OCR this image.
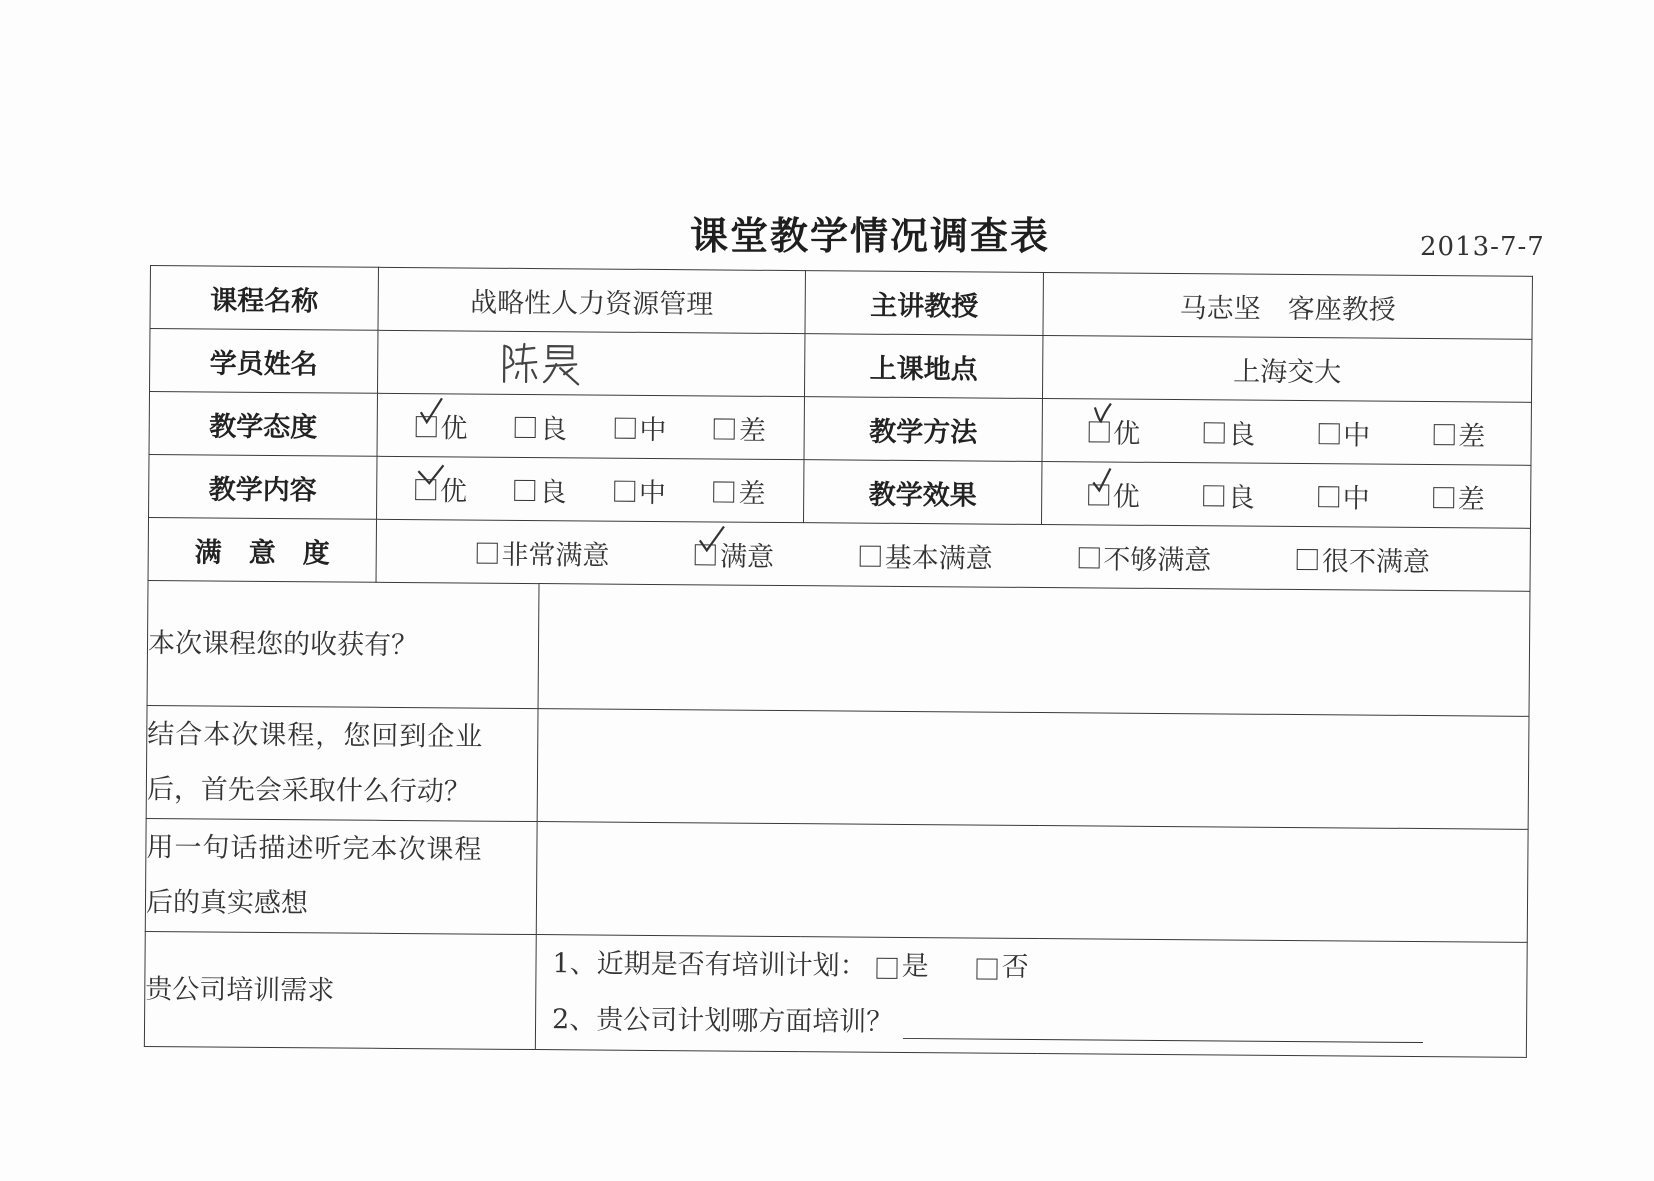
课堂教学情况调查表	2013-7-7
课程名称	战略性人力资源管理		主讲教授	马志坚　客座教授
学员姓名			上课地点	上海交大
教学态度	优 良 中 差		教学方法	优 良 中 差

教学内容	优 良 中 差		教学效果	优 良 中 差

满　意　度	非常满意 满意 基本满意 不够满意 很不满意			

本次课程您的收获有？				

结合本次课程，您回到企业
后，首先会采取什么行动？				

用一句话描述听完本次课程
后的真实感想				

贵公司培训需求		1、近期是否有培训计划： 是 否
2、贵公司计划哪方面培训？		
